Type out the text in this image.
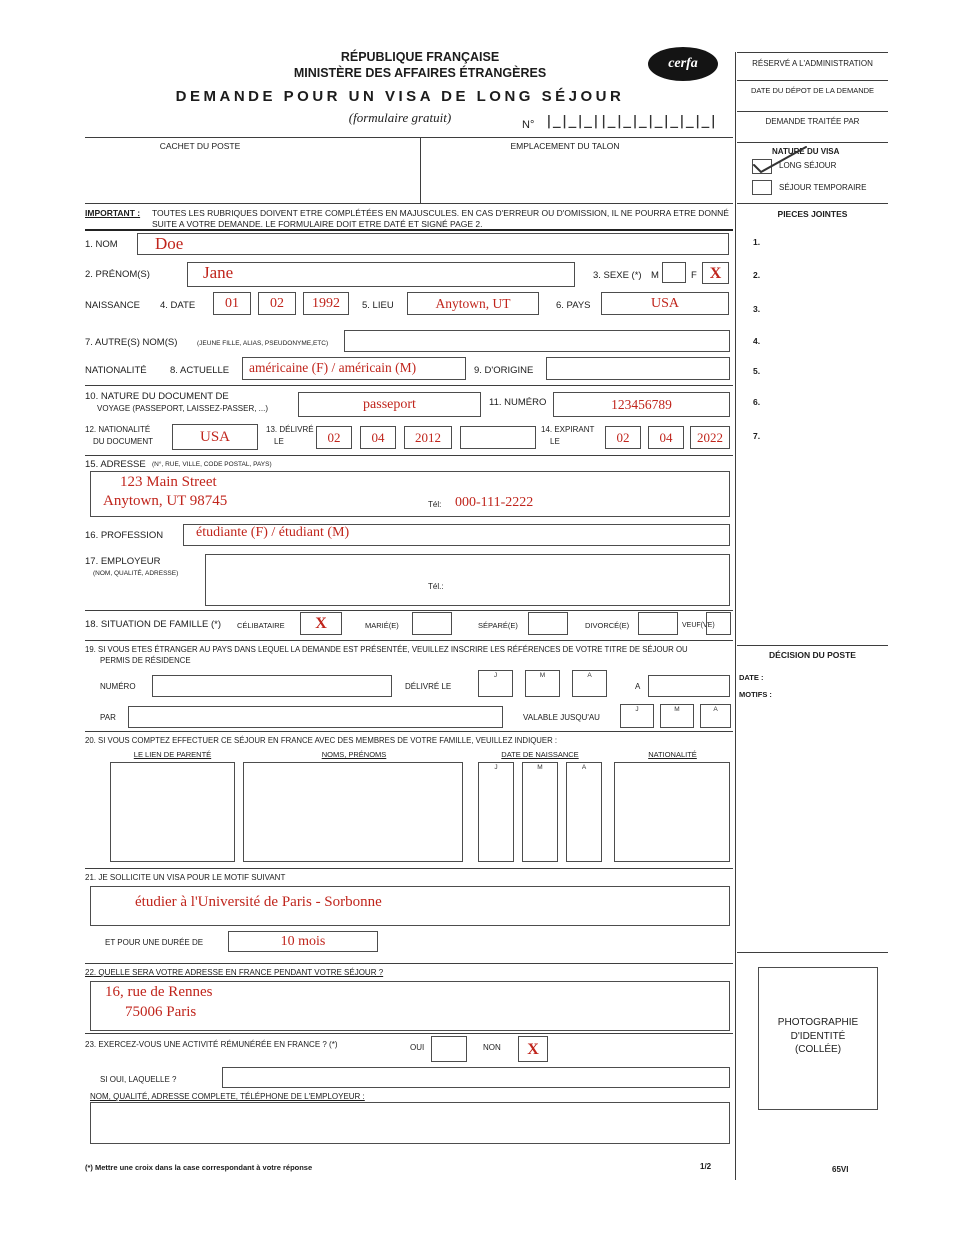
RÉPUBLIQUE FRANÇAISE
MINISTÈRE DES AFFAIRES ÉTRANGÈRES
cerfa
DEMANDE POUR UN VISA DE LONG SÉJOUR
(formulaire gratuit)	N° |_|_|_||_|_|_|_|_|_|_|
CACHET DU POSTE	EMPLACEMENT DU TALON
IMPORTANT : TOUTES LES RUBRIQUES DOIVENT ETRE COMPLÉTÉES EN MAJUSCULES. EN CAS D'ERREUR OU D'OMISSION, IL NE POURRA ETRE DONNÉ
SUITE A VOTRE DEMANDE. LE FORMULAIRE DOIT ETRE DATÉ ET SIGNÉ PAGE 2.
RÉSERVÉ A L'ADMINISTRATION
DATE DU DÉPOT DE LA DEMANDE
DEMANDE TRAITÉE PAR
NATURE DU VISA
LONG SÉJOUR
SÉJOUR TEMPORAIRE
PIECES JOINTES
1.
2.
3.
4.
5.
6.
7.
DÉCISION DU POSTE
DATE :
MOTIFS :
PHOTOGRAPHIE
D'IDENTITÉ
(COLLÉE)
65VI
1. NOM Doe
2. PRÉNOM(S)	Jane	3. SEXE (*) M	F X
NAISSANCE 4. DATE	01	02	1992	5. LIEU	Anytown, UT	6. PAYS	USA
7. AUTRE(S) NOM(S)	(JEUNE FILLE, ALIAS, PSEUDONYME,ETC)
NATIONALITÉ 8. ACTUELLE américaine (F) / américain (M)	9. D'ORIGINE
10. NATURE DU DOCUMENT DE
VOYAGE (PASSEPORT, LAISSEZ-PASSER, ...)	passeport	11. NUMÉRO	123456789
12. NATIONALITÉ
DU DOCUMENT	USA	13. DÉLIVRÉ
LE	02	04	2012
14. EXPIRANT
LE	02	04	2022
15. ADRESSE (N°, RUE, VILLE, CODE POSTAL, PAYS)
123 Main Street
Anytown, UT 98745	Tél: 000-111-2222
16. PROFESSION étudiante (F) / étudiant (M)
17. EMPLOYEUR
(NOM, QUALITÉ, ADRESSE)
Tél.:
18. SITUATION DE FAMILLE (*) CÉLIBATAIRE	X	MARIÉ(E)	SÉPARÉ(E)	DIVORCÉ(E)	VEUF(VE)
19. SI VOUS ETES ÉTRANGER AU PAYS DANS LEQUEL LA DEMANDE EST PRÉSENTÉE, VEUILLEZ INSCRIRE LES RÉFÉRENCES DE VOTRE TITRE DE SÉJOUR OU
PERMIS DE RÉSIDENCE
NUMÉRO	DÉLIVRÉ LE
J	M	A
A
PAR	VALABLE JUSQU'AU
J	M	A
20. SI VOUS COMPTEZ EFFECTUER CE SÉJOUR EN FRANCE AVEC DES MEMBRES DE VOTRE FAMILLE, VEUILLEZ INDIQUER :
LE LIEN DE PARENTÉ	NOMS, PRÉNOMS	DATE DE NAISSANCE	NATIONALITÉ
J	M	A
21. JE SOLLICITE UN VISA POUR LE MOTIF SUIVANT
étudier à l'Université de Paris - Sorbonne
ET POUR UNE DURÉE DE	10 mois
22. QUELLE SERA VOTRE ADRESSE EN FRANCE PENDANT VOTRE SÉJOUR ?
16, rue de Rennes
75006 Paris
23. EXERCEZ-VOUS UNE ACTIVITÉ RÉMUNÉRÉE EN FRANCE ? (*)	OUI	NON	X
SI OUI, LAQUELLE ?
NOM, QUALITÉ, ADRESSE COMPLETE, TÉLÉPHONE DE L'EMPLOYEUR :
(*) Mettre une croix dans la case correspondant à votre réponse	1/2
